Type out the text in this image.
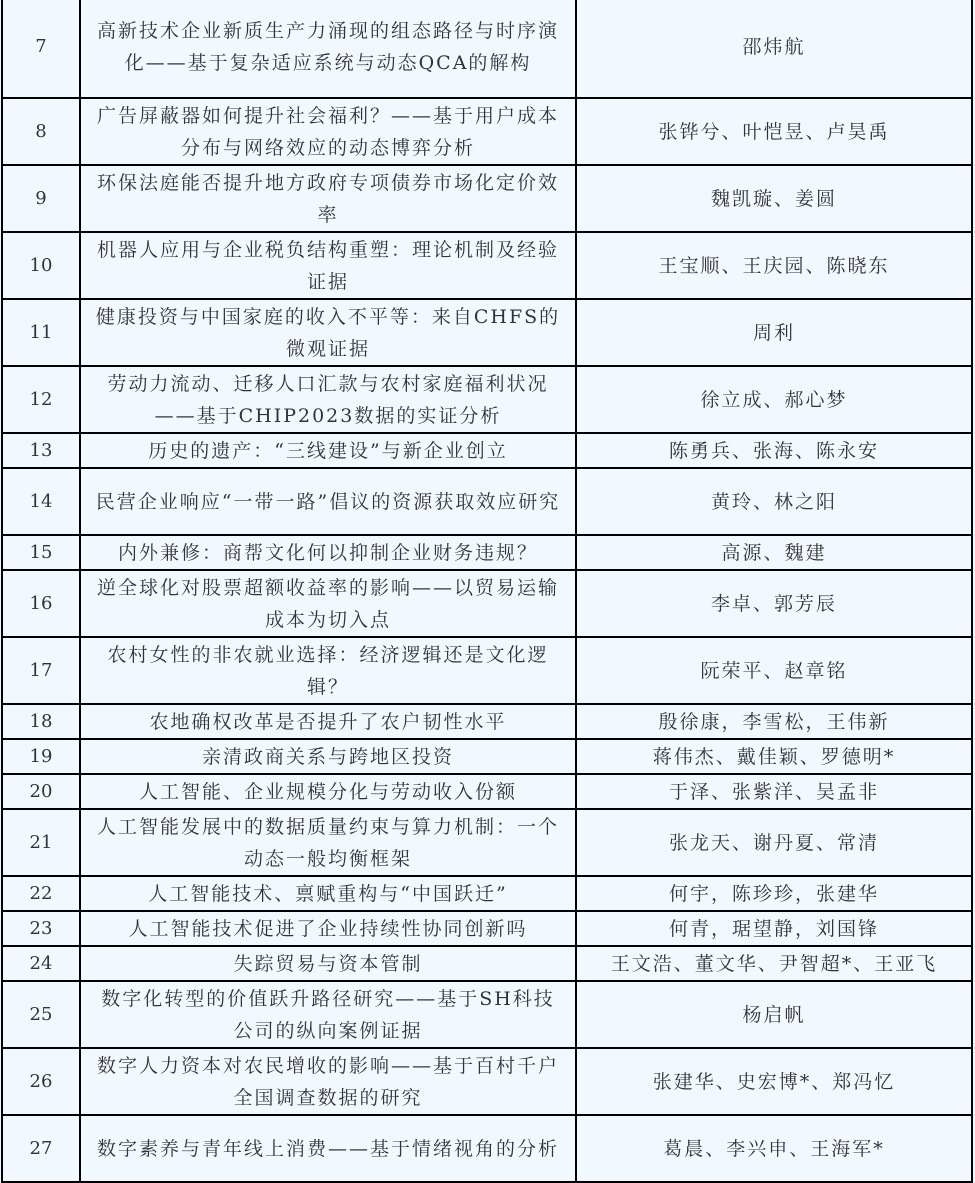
7	高新技术企业新质生产力涌现的组态路径与时序演化——基于复杂适应系统与动态QCA的解构	邵炜航
8	广告屏蔽器如何提升社会福利？——基于用户成本分布与网络效应的动态博弈分析	张铧兮、叶恺昱、卢昊禹
9	环保法庭能否提升地方政府专项债券市场化定价效率	魏凯璇、姜圆
10	机器人应用与企业税负结构重塑：理论机制及经验证据	王宝顺、王庆园、陈晓东
11	健康投资与中国家庭的收入不平等：来自CHFS的微观证据	周利
12	劳动力流动、迁移人口汇款与农村家庭福利状况——基于CHIP2023数据的实证分析	徐立成、郝心梦
13	历史的遗产：“三线建设”与新企业创立	陈勇兵、张海、陈永安
14	民营企业响应“一带一路”倡议的资源获取效应研究	黄玲、林之阳
15	内外兼修：商帮文化何以抑制企业财务违规？	高源、魏建
16	逆全球化对股票超额收益率的影响——以贸易运输成本为切入点	李卓、郭芳辰
17	农村女性的非农就业选择：经济逻辑还是文化逻辑？	阮荣平、赵章铭
18	农地确权改革是否提升了农户韧性水平	殷徐康，李雪松，王伟新
19	亲清政商关系与跨地区投资	蒋伟杰、戴佳颖、罗德明*
20	人工智能、企业规模分化与劳动收入份额	于泽、张紫洋、吴孟非
21	人工智能发展中的数据质量约束与算力机制：一个动态一般均衡框架	张龙天、谢丹夏、常清
22	人工智能技术、禀赋重构与“中国跃迁”	何宇，陈珍珍，张建华
23	人工智能技术促进了企业持续性协同创新吗	何青，琚望静，刘国锋
24	失踪贸易与资本管制	王文浩、董文华、尹智超*、王亚飞
25	数字化转型的价值跃升路径研究——基于SH科技公司的纵向案例证据	杨启帆
26	数字人力资本对农民增收的影响——基于百村千户全国调查数据的研究	张建华、史宏博*、郑冯忆
27	数字素养与青年线上消费——基于情绪视角的分析	葛晨、李兴申、王海军*
